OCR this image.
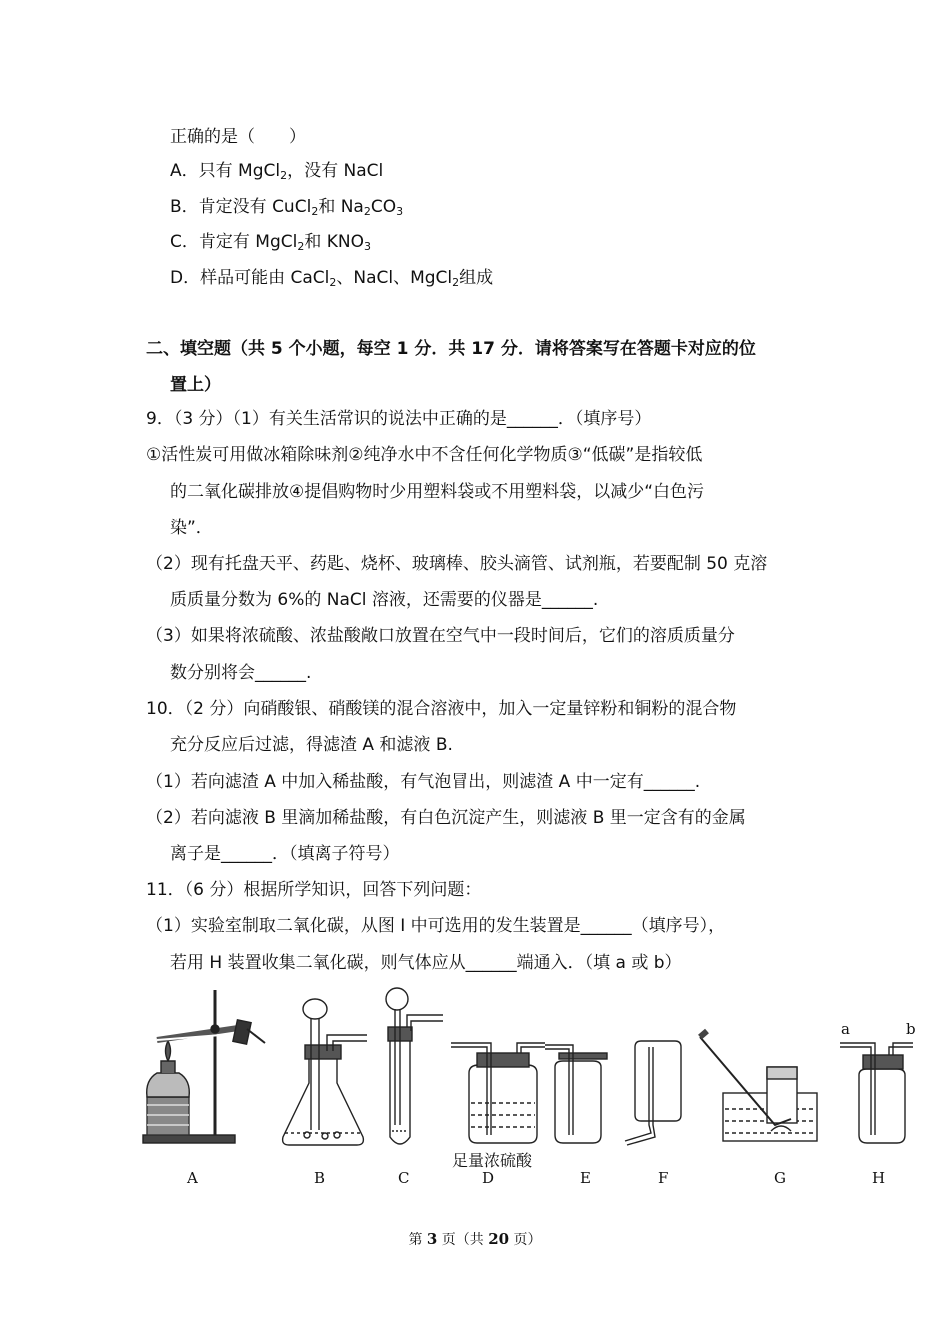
正确的是（　　）
A．只有 MgCl$_2$，没有 NaCl
B．肯定没有 CuCl$_2$和 $Na_2CO_3$
C．肯定有 MgCl$_2$和 $KNO_3$
D．样品可能由 CaCl$_2$、NaCl、MgCl$_2$组成
二、填空题（共 5 个小题，每空 1 分．共 17 分．请将答案写在答题卡对应的位
置上）
9．（3 分）（1）有关生活常识的说法中正确的是______．（填序号）
①活性炭可用做冰箱除味剂②纯净水中不含任何化学物质③“低碳”是指较低
的二氧化碳排放④提倡购物时少用塑料袋或不用塑料袋，以减少“白色污
染”．
（2）现有托盘天平、药匙、烧杯、玻璃棒、胶头滴管、试剂瓶，若要配制 50 克溶
质质量分数为 6%的 NaCl 溶液，还需要的仪器是______.
（3）如果将浓硫酸、浓盐酸敞口放置在空气中一段时间后，它们的溶质质量分
数分别将会______.
10．（2 分）向硝酸银、硝酸镁的混合溶液中，加入一定量锌粉和铜粉的混合物
充分反应后过滤，得滤渣 A 和滤液 B.
（1）若向滤渣 A 中加入稀盐酸，有气泡冒出，则滤渣 A 中一定有______.
（2）若向滤液 B 里滴加稀盐酸，有白色沉淀产生，则滤液 B 里一定含有的金属
离子是______．（填离子符号）
11．（6 分）根据所学知识，回答下列问题：
（1）实验室制取二氧化碳，从图 I 中可选用的发生装置是______（填序号），
若用 H 装置收集二氧化碳，则气体应从______端通入．（填 a 或 b）
a	b
足量浓硫酸
A	B	C	D	E	F	G	H
第 3 页（共 20 页）
